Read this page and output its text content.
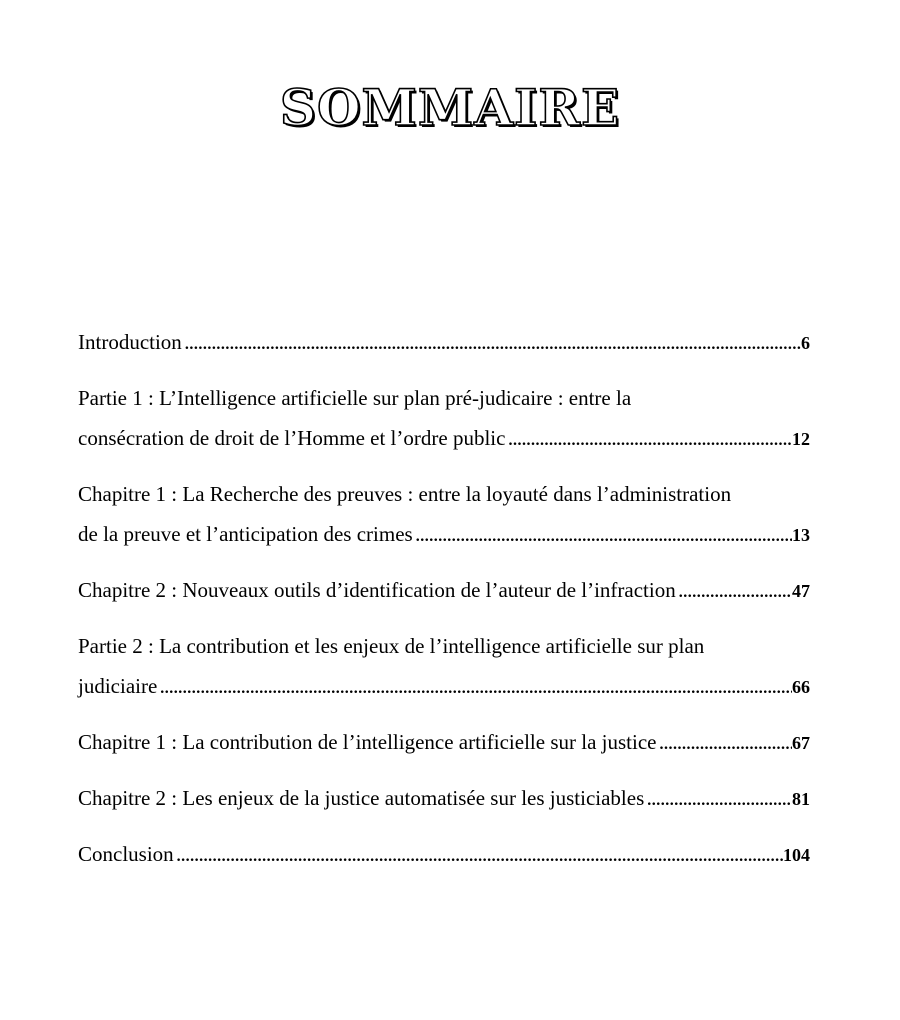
SOMMAIRE
Introduction .....	6
Partie 1 : L’Intelligence artificielle sur plan pré-judicaire : entre la
consécration de droit de l’Homme et l’ordre public .....	12
Chapitre 1 : La Recherche des preuves : entre la loyauté dans l’administration
de la preuve et l’anticipation des crimes .....	13
Chapitre 2 : Nouveaux outils d’identification de l’auteur de l’infraction .....	47
Partie 2 : La contribution et les enjeux de l’intelligence artificielle sur plan
judiciaire .....	66
Chapitre 1 : La contribution de l’intelligence artificielle sur la justice .....	67
Chapitre 2 : Les enjeux de la justice automatisée sur les justiciables .....	81
Conclusion .....	104
